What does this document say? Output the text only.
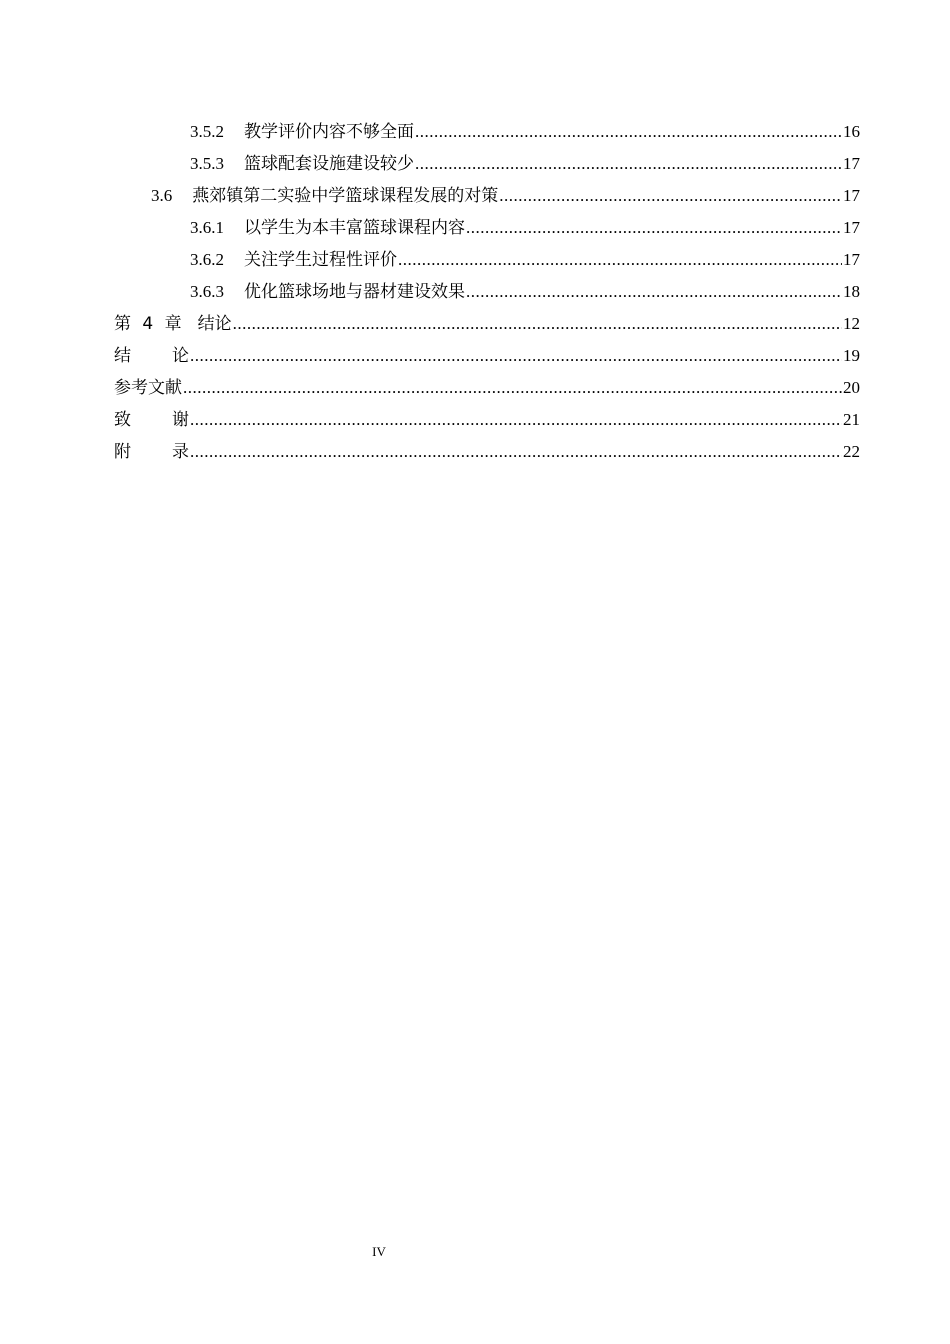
3.5.2 教学评价内容不够全面 .....	16
3.5.3 篮球配套设施建设较少 .....	17
3.6 燕郊镇第二实验中学篮球课程发展的对策 .....	17
3.6.1 以学生为本丰富篮球课程内容 .....	17
3.6.2 关注学生过程性评价 .....	17
3.6.3 优化篮球场地与器材建设效果 .....	18
第 4 章 结论 .....	12
结 论 .....	19
参考文献 .....	20
致 谢 .....	21
附 录 .....	22
IV
